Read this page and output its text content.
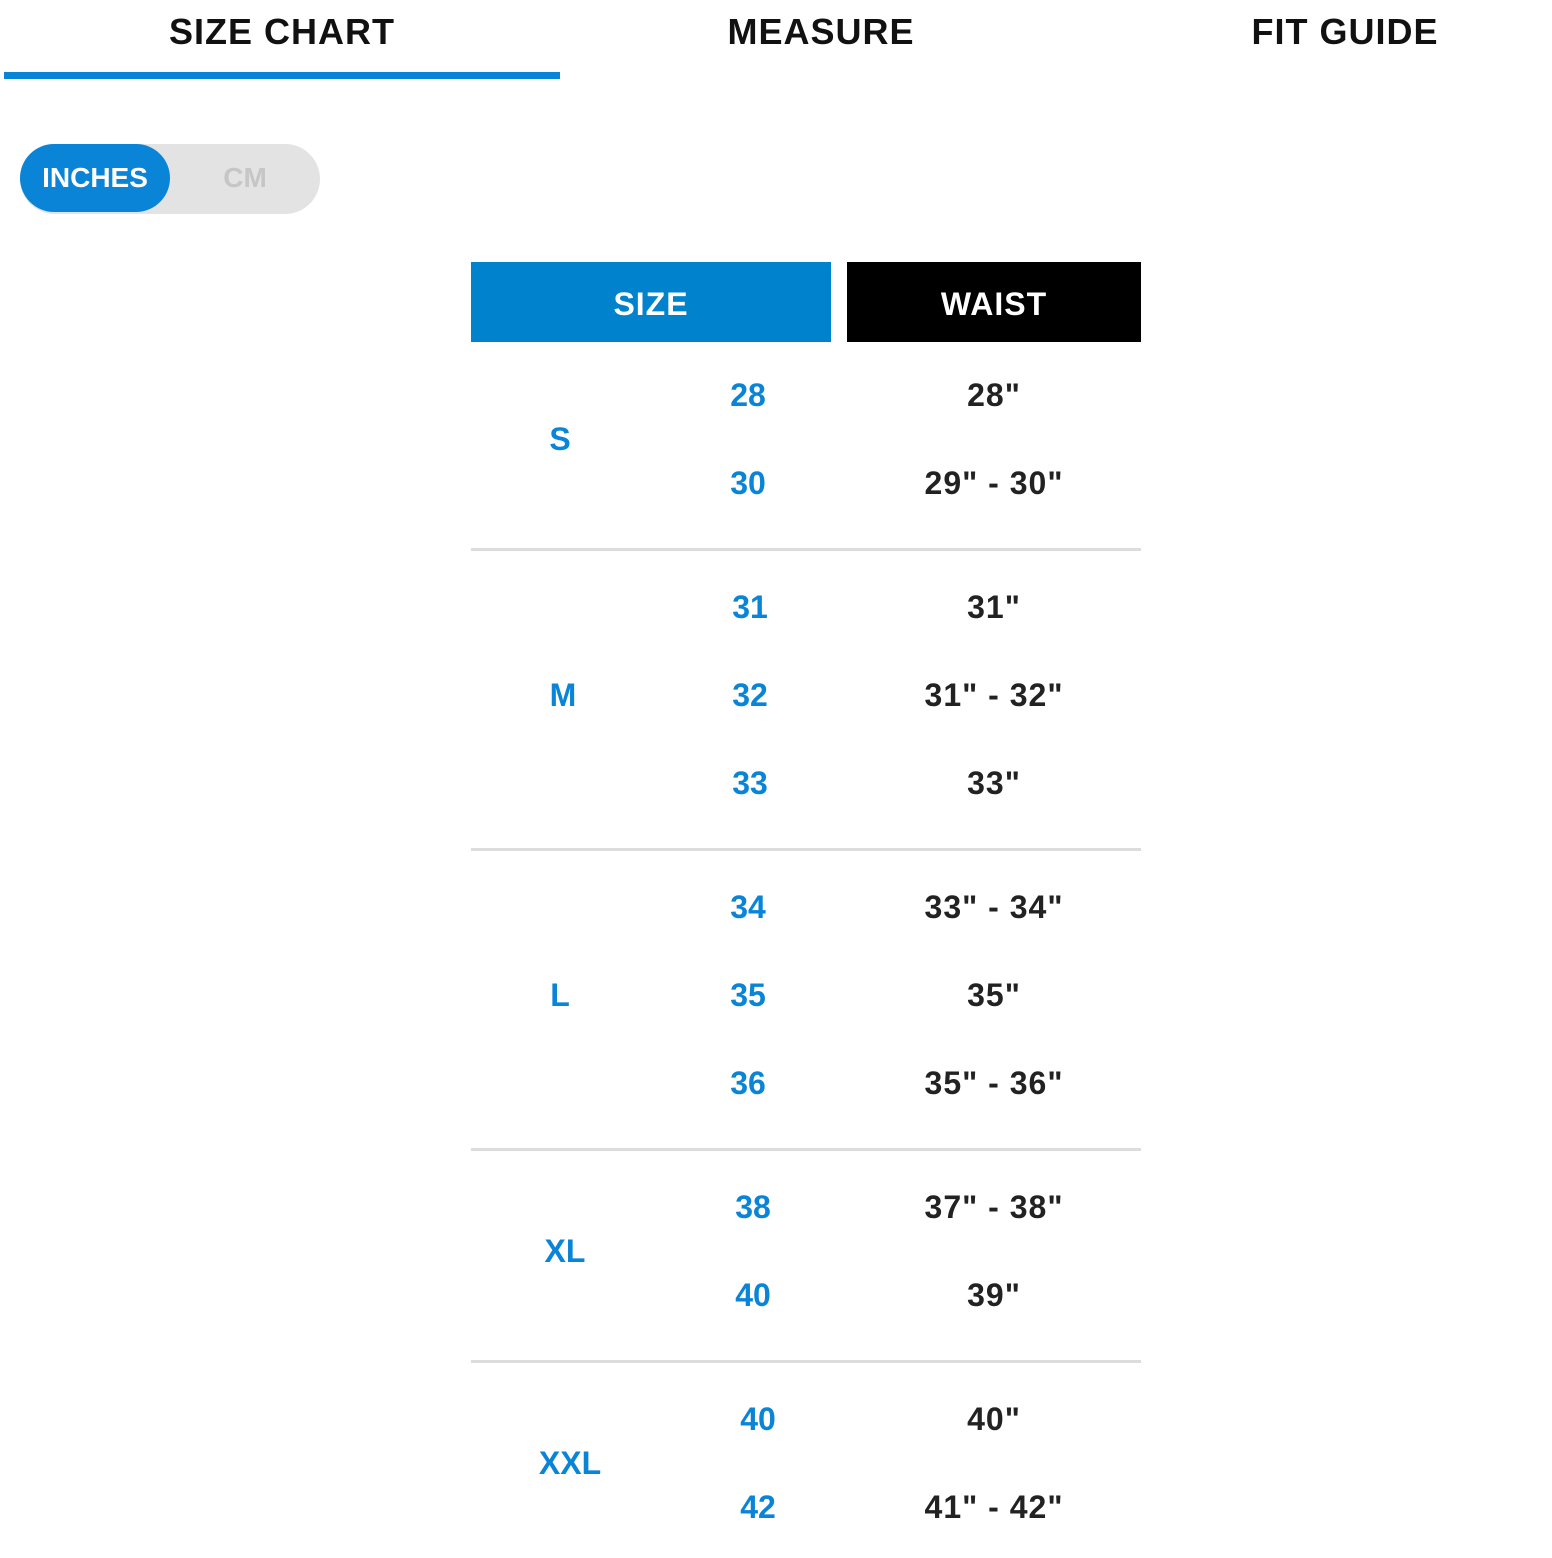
SIZE CHART	MEASURE	FIT GUIDE
INCHES	CM
SIZE	WAIST
S
28	28"
30	29" - 30"
M
31	31"
32	31" - 32"
33	33"
L
34	33" - 34"
35	35"
36	35" - 36"
XL
38	37" - 38"
40	39"
XXL
40	40"
42	41" - 42"
